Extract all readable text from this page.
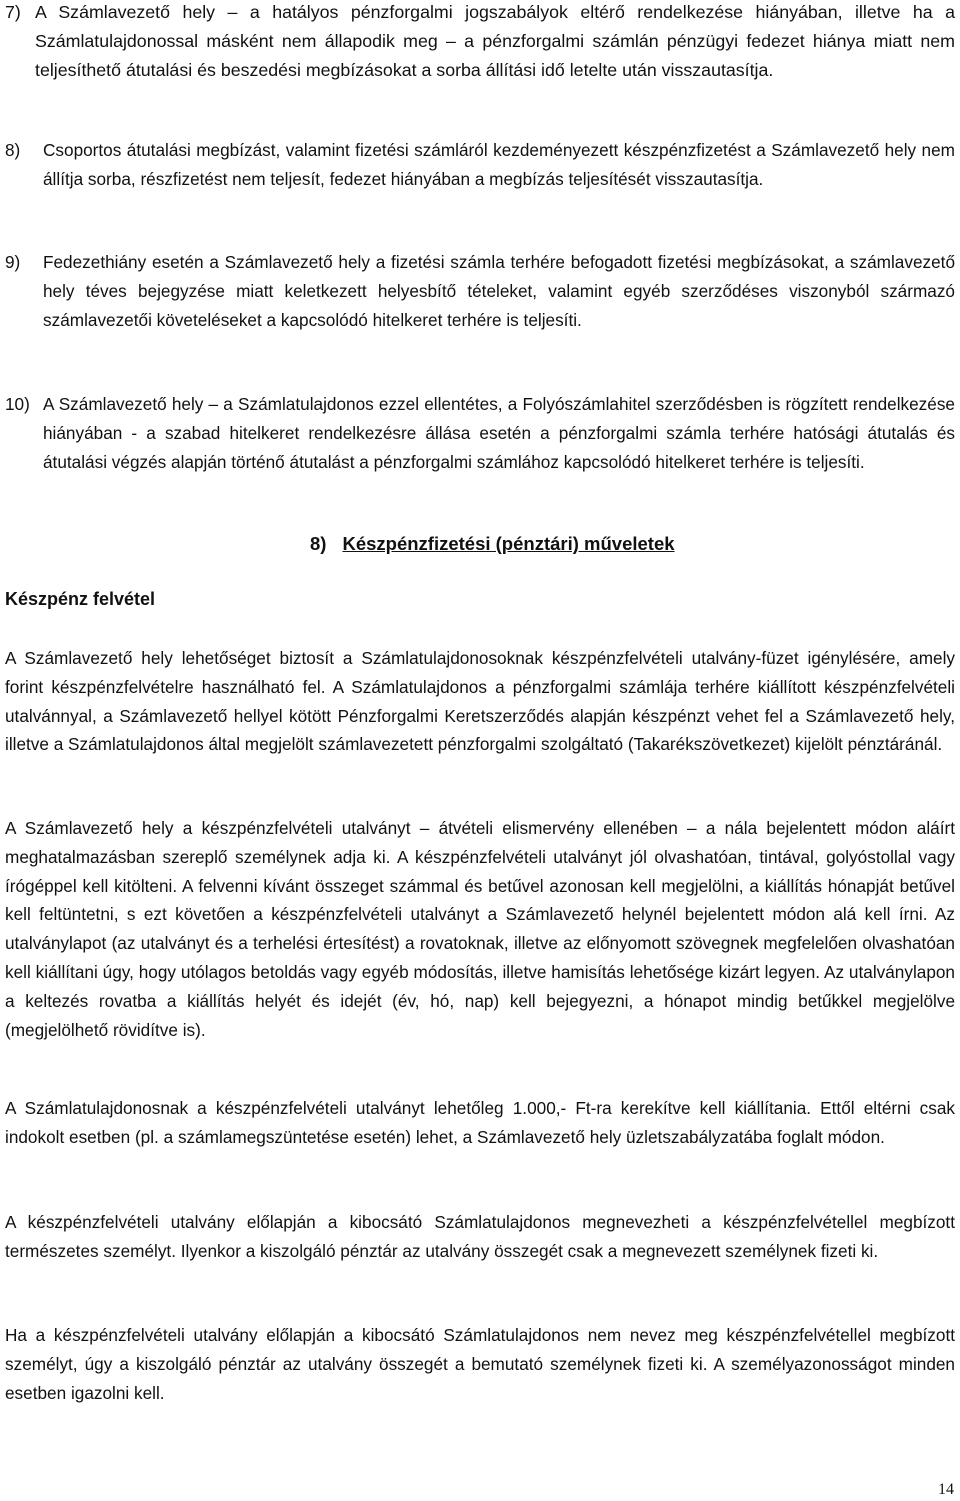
7) A Számlavezető hely – a hatályos pénzforgalmi jogszabályok eltérő rendelkezése hiányában, illetve ha a Számlatulajdonossal másként nem állapodik meg – a pénzforgalmi számlán pénzügyi fedezet hiánya miatt nem teljesíthető átutalási és beszedési megbízásokat a sorba állítási idő letelte után visszautasítja.
8)	Csoportos átutalási megbízást, valamint fizetési számláról kezdeményezett készpénzfizetést a Számlavezető hely nem állítja sorba, részfizetést nem teljesít, fedezet hiányában a megbízás teljesítését visszautasítja.
9)	Fedezethiány esetén a Számlavezető hely a fizetési számla terhére befogadott fizetési megbízásokat, a számlavezető hely téves bejegyzése miatt keletkezett helyesbítő tételeket, valamint egyéb szerződéses viszonyból származó számlavezetői követeléseket a kapcsolódó hitelkeret terhére is teljesíti.
10) A Számlavezető hely – a Számlatulajdonos ezzel ellentétes, a Folyószámlahitel szerződésben is rögzített rendelkezése hiányában - a szabad hitelkeret rendelkezésre állása esetén a pénzforgalmi számla terhére hatósági átutalás és átutalási végzés alapján történő átutalást a pénzforgalmi számlához kapcsolódó hitelkeret terhére is teljesíti.
8) Készpénzfizetési (pénztári) műveletek
Készpénz felvétel
A Számlavezető hely lehetőséget biztosít a Számlatulajdonosoknak készpénzfelvételi utalvány-füzet igénylésére, amely forint készpénzfelvételre használható fel. A Számlatulajdonos a pénzforgalmi számlája terhére kiállított készpénzfelvételi utalvánnyal, a Számlavezető hellyel kötött Pénzforgalmi Keretszerződés alapján készpénzt vehet fel a Számlavezető hely, illetve a Számlatulajdonos által megjelölt számlavezetett pénzforgalmi szolgáltató (Takarékszövetkezet) kijelölt pénztáránál.
A Számlavezető hely a készpénzfelvételi utalványt – átvételi elismervény ellenében – a nála bejelentett módon aláírt meghatalmazásban szereplő személynek adja ki. A készpénzfelvételi utalványt jól olvashatóan, tintával, golyóstollal vagy írógéppel kell kitölteni. A felvenni kívánt összeget számmal és betűvel azonosan kell megjelölni, a kiállítás hónapját betűvel kell feltüntetni, s ezt követően a készpénzfelvételi utalványt a Számlavezető helynél bejelentett módon alá kell írni. Az utalványlapot (az utalványt és a terhelési értesítést) a rovatoknak, illetve az előnyomott szövegnek megfelelően olvashatóan kell kiállítani úgy, hogy utólagos betoldás vagy egyéb módosítás, illetve hamisítás lehetősége kizárt legyen. Az utalványlapon a keltezés rovatba a kiállítás helyét és idejét (év, hó, nap) kell bejegyezni, a hónapot mindig betűkkel megjelölve (megjelölhető rövidítve is).
A Számlatulajdonosnak a készpénzfelvételi utalványt lehetőleg 1.000,- Ft-ra kerekítve kell kiállítania. Ettől eltérni csak indokolt esetben (pl. a számlamegszüntetése esetén) lehet, a Számlavezető hely üzletszabályzatába foglalt módon.
A készpénzfelvételi utalvány előlapján a kibocsátó Számlatulajdonos megnevezheti a készpénzfelvétellel megbízott természetes személyt. Ilyenkor a kiszolgáló pénztár az utalvány összegét csak a megnevezett személynek fizeti ki.
Ha a készpénzfelvételi utalvány előlapján a kibocsátó Számlatulajdonos nem nevez meg készpénzfelvétellel megbízott személyt, úgy a kiszolgáló pénztár az utalvány összegét a bemutató személynek fizeti ki. A személyazonosságot minden esetben igazolni kell.
14
